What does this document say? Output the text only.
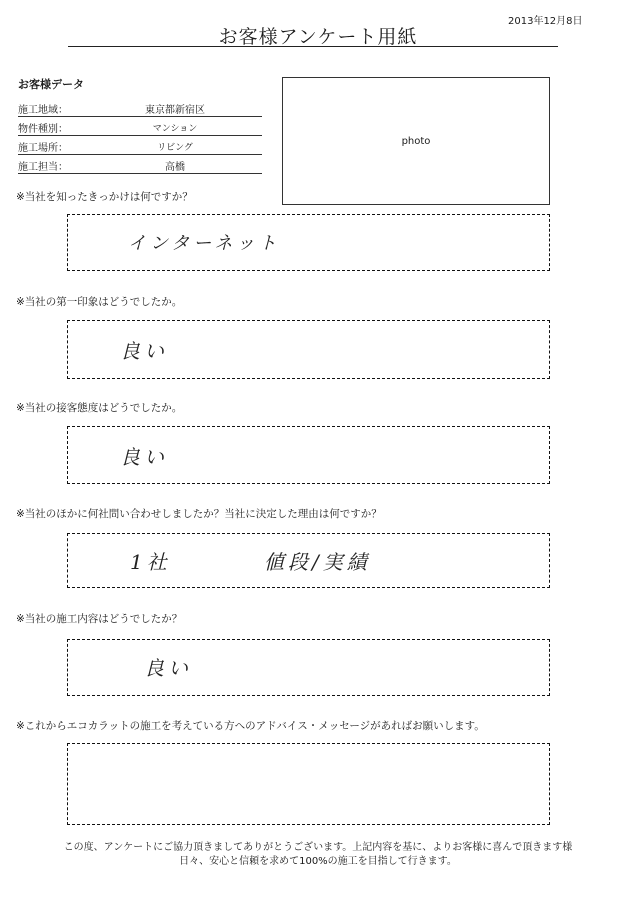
2013年12月8日
お客様アンケート用紙
お客様データ
施工地域：	東京都新宿区
物件種別：	マンション
施工場所：	リビング
施工担当：	高橋
photo
※当社を知ったきっかけは何ですか？
インターネット
※当社の第一印象はどうでしたか。
良い
※当社の接客態度はどうでしたか。
良い
※当社のほかに何社問い合わせしましたか？当社に決定した理由は何ですか？
1社	値段/実績
※当社の施工内容はどうでしたか？
良い
※これからエコカラットの施工を考えている方へのアドバイス・メッセージがあればお願いします。
この度、アンケートにご協力頂きましてありがとうございます。上記内容を基に、よりお客様に喜んで頂きます様
日々、安心と信頼を求めて100%の施工を目指して行きます。
